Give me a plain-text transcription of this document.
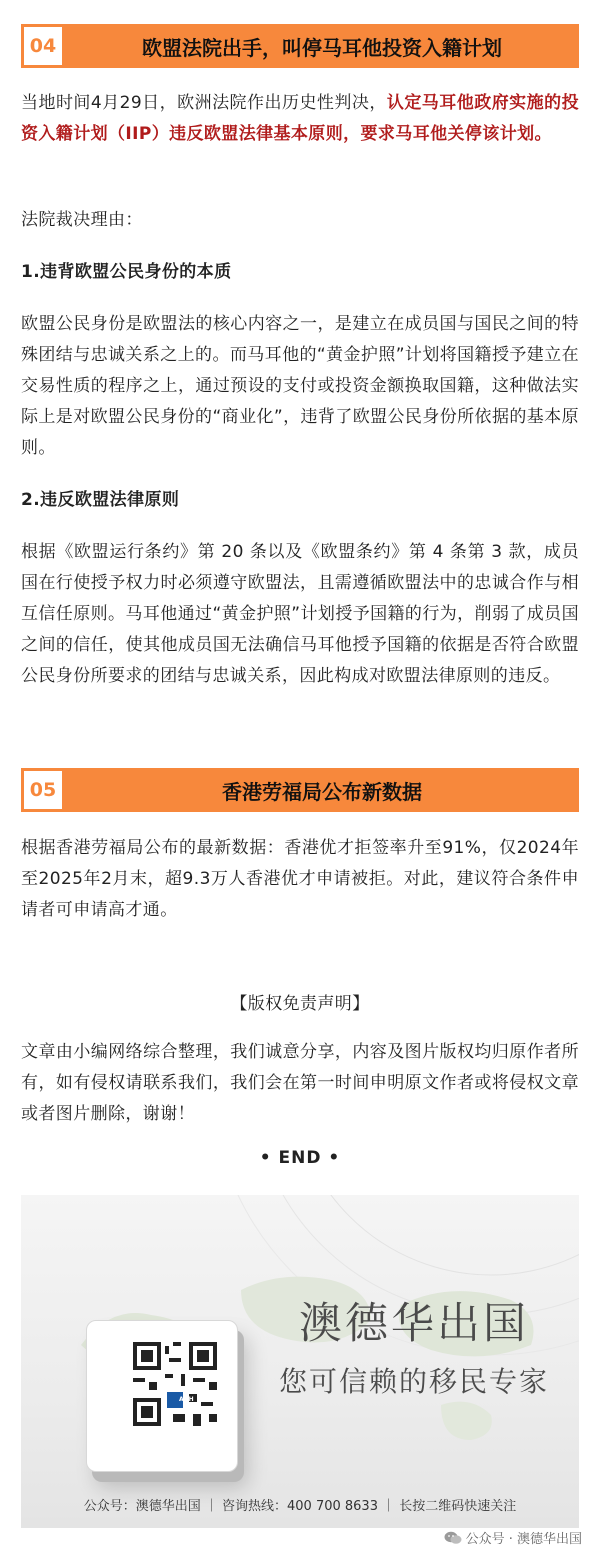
04	欧盟法院出手，叫停马耳他投资入籍计划

当地时间4月29日，欧洲法院作出历史性判决，认定马耳他政府实施的投资入籍计划（IIP）违反欧盟法律基本原则，要求马耳他关停该计划。

法院裁决理由：

1.违背欧盟公民身份的本质

欧盟公民身份是欧盟法的核心内容之一，是建立在成员国与国民之间的特殊团结与忠诚关系之上的。而马耳他的“黄金护照”计划将国籍授予建立在交易性质的程序之上，通过预设的支付或投资金额换取国籍，这种做法实际上是对欧盟公民身份的“商业化”，违背了欧盟公民身份所依据的基本原则。

2.违反欧盟法律原则

根据《欧盟运行条约》第 20 条以及《欧盟条约》第 4 条第 3 款，成员国在行使授予权力时必须遵守欧盟法，且需遵循欧盟法中的忠诚合作与相互信任原则。马耳他通过“黄金护照”计划授予国籍的行为，削弱了成员国之间的信任，使其他成员国无法确信马耳他授予国籍的依据是否符合欧盟公民身份所要求的团结与忠诚关系，因此构成对欧盟法律原则的违反。

05	香港劳福局公布新数据

根据香港劳福局公布的最新数据：香港优才拒签率升至91%，仅2024年至2025年2月末，超9.3万人香港优才申请被拒。对此，建议符合条件申请者可申请高才通。

【版权免责声明】

文章由小编网络综合整理，我们诚意分享，内容及图片版权均归原作者所有，如有侵权请联系我们，我们会在第一时间申明原文作者或将侵权文章或者图片删除，谢谢！

• END •

澳德华出国
您可信赖的移民专家
ADH
公众号：澳德华出国 ｜ 咨询热线：400 700 8633 ｜ 长按二维码快速关注
公众号 · 澳德华出国
